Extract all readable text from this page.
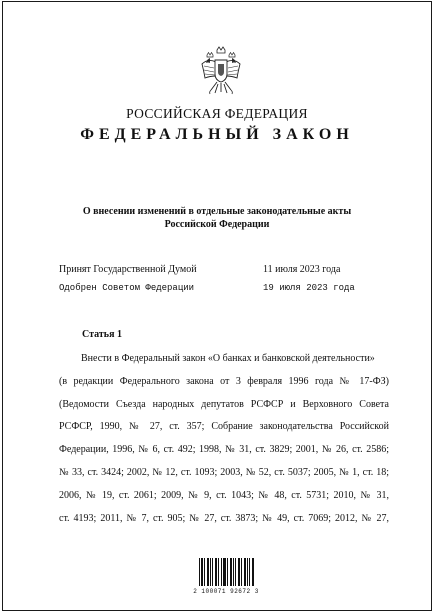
РОССИЙСКАЯ ФЕДЕРАЦИЯ
ФЕДЕРАЛЬНЫЙ ЗАКОН
О внесении изменений в отдельные законодательные акты
Российской Федерации
Принят Государственной Думой	11 июля 2023 года
Одобрен Советом Федерации	19 июля 2023 года
Статья 1
Внести в Федеральный закон «О банках и банковской деятельности»
(в редакции Федерального закона от 3 февраля 1996 года № 17-ФЗ)
(Ведомости Съезда народных депутатов РСФСР и Верховного Совета
РСФСР, 1990, № 27, ст. 357; Собрание законодательства Российской
Федерации, 1996, № 6, ст. 492; 1998, № 31, ст. 3829; 2001, № 26, ст. 2586;
№ 33, ст. 3424; 2002, № 12, ст. 1093; 2003, № 52, ст. 5037; 2005, № 1, ст. 18;
2006, № 19, ст. 2061; 2009, № 9, ст. 1043; № 48, ст. 5731; 2010, № 31,
ст. 4193; 2011, № 7, ст. 905; № 27, ст. 3873; № 49, ст. 7069; 2012, № 27,
2 100071 92672 3
